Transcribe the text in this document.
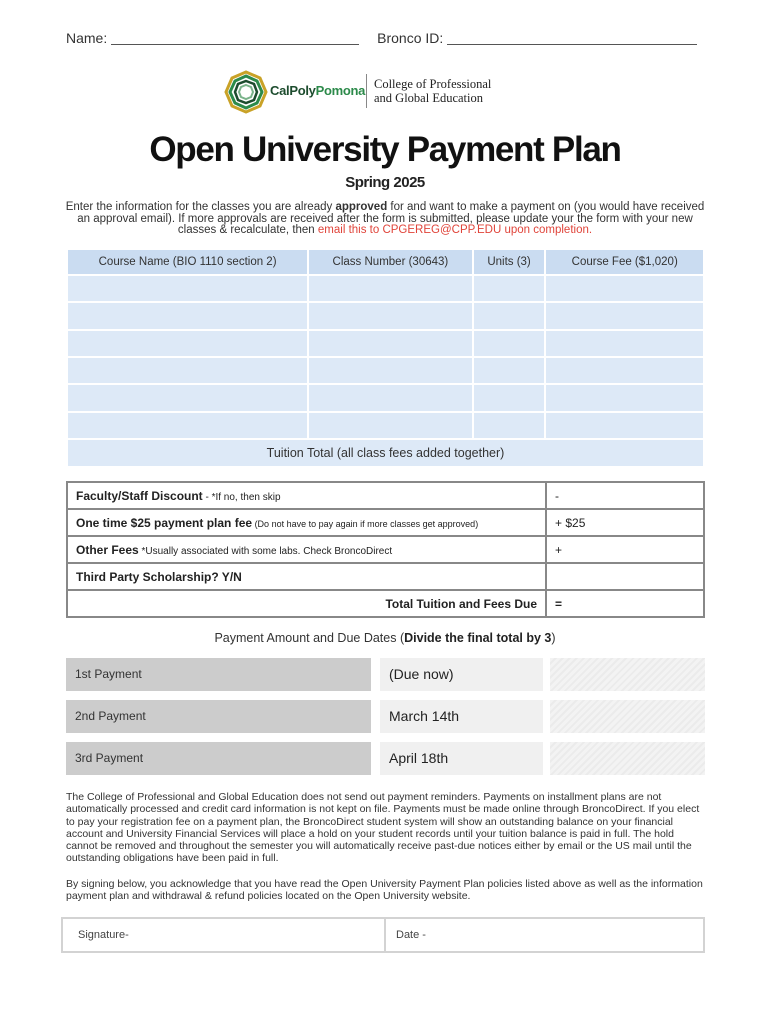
Name:	Bronco ID:
CalPolyPomona College of Professional
and Global Education
Open University Payment Plan
Spring 2025
Enter the information for the classes you are already approved for and want to make a payment on (you would have received an approval email). If more approvals are received after the form is submitted, please update your the form with your new classes & recalculate, then email this to CPGEREG@CPP.EDU upon completion.
Course Name (BIO 1110 section 2)	Class Number (30643)	Units (3)	Course Fee ($1,020)

Tuition Total (all class fees added together)			
Faculty/Staff Discount - *If no, then skip	-
One time $25 payment plan fee (Do not have to pay again if more classes get approved)	+ $25
Other Fees *Usually associated with some labs. Check BroncoDirect	+
Third Party Scholarship? Y/N	
Total Tuition and Fees Due	=
Payment Amount and Due Dates (Divide the final total by 3)
1st Payment	(Due now)
2nd Payment	March 14th
3rd Payment	April 18th
The College of Professional and Global Education does not send out payment reminders. Payments on installment plans are not automatically processed and credit card information is not kept on file. Payments must be made online through BroncoDirect. If you elect to pay your registration fee on a payment plan, the BroncoDirect student system will show an outstanding balance on your financial account and University Financial Services will place a hold on your student records until your tuition balance is paid in full. The hold cannot be removed and throughout the semester you will automatically receive past-due notices either by email or the US mail until the outstanding obligations have been paid in full.
By signing below, you acknowledge that you have read the Open University Payment Plan policies listed above as well as the information payment plan and withdrawal & refund policies located on the Open University website.
Signature-	Date -
